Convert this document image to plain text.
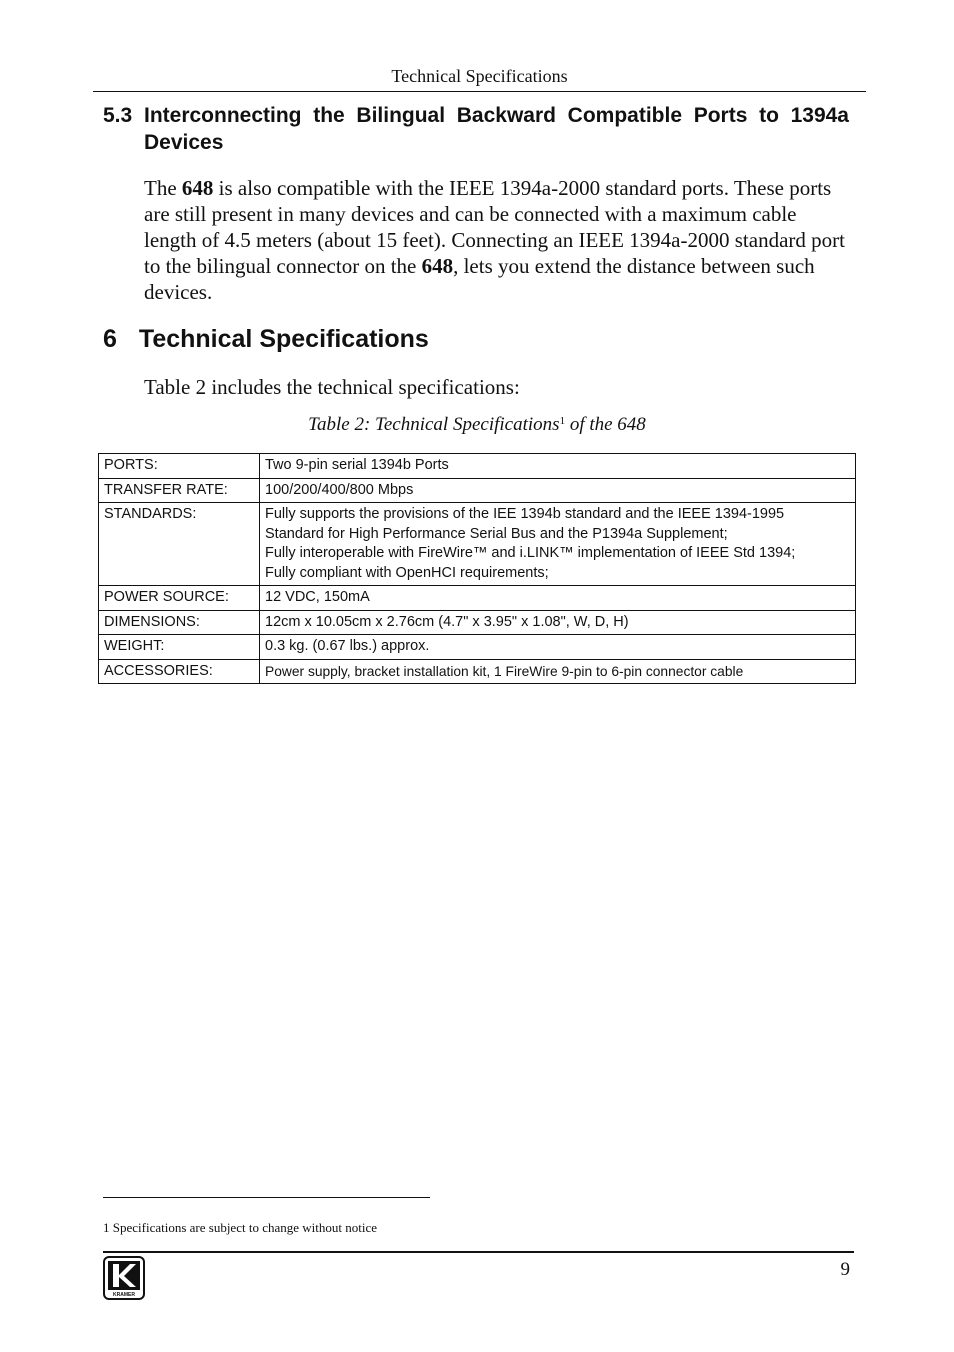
Technical Specifications
5.3 Interconnecting the Bilingual Backward Compatible Ports to 1394a Devices
The 648 is also compatible with the IEEE 1394a-2000 standard ports. These ports are still present in many devices and can be connected with a maximum cable length of 4.5 meters (about 15 feet). Connecting an IEEE 1394a-2000 standard port to the bilingual connector on the 648, lets you extend the distance between such devices.
6 Technical Specifications
Table 2 includes the technical specifications:
Table 2: Technical Specifications$^1$ of the 648
PORTS:	Two 9-pin serial 1394b Ports
TRANSFER RATE:	100/200/400/800 Mbps
STANDARDS:	Fully supports the provisions of the IEE 1394b standard and the IEEE 1394-1995
Standard for High Performance Serial Bus and the P1394a Supplement;
Fully interoperable with FireWire™ and i.LINK™ implementation of IEEE Std 1394;
Fully compliant with OpenHCI requirements;

POWER SOURCE:	12 VDC, 150mA
DIMENSIONS:	12cm x 10.05cm x 2.76cm (4.7" x 3.95" x 1.08", W, D, H)
WEIGHT:	0.3 kg. (0.67 lbs.) approx.
ACCESSORIES:	Power supply, bracket installation kit, 1 FireWire 9-pin to 6-pin connector cable
1 Specifications are subject to change without notice
9
KRAMER
